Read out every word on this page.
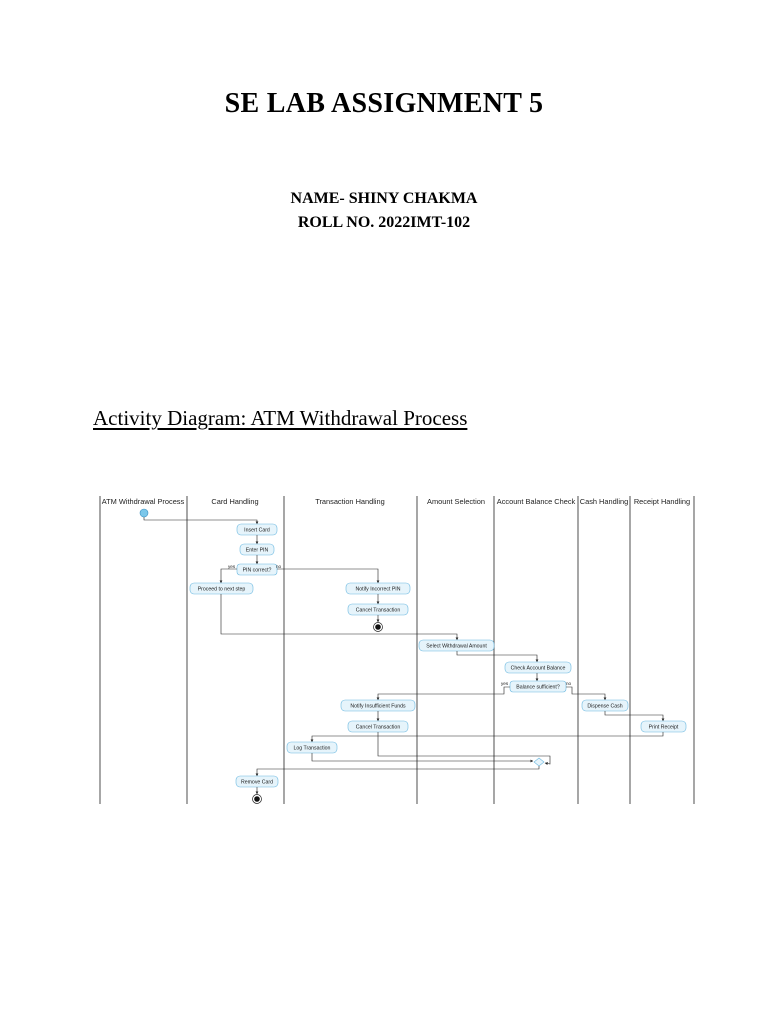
SE LAB ASSIGNMENT 5
NAME- SHINY CHAKMA
ROLL NO. 2022IMT-102
Activity Diagram: ATM Withdrawal Process
ATM Withdrawal Process	Card Handling	Transaction Handling	Amount Selection Account Balance Check Cash Handling Receipt Handling
Insert Card
Enter PIN
PIN correct?
yes	no
Proceed to next step	Notify Incorrect PIN
Cancel Transaction
Select Withdrawal Amount
Check Account Balance
Balance sufficient?
yes	no
Notify Insufficient Funds	Dispense Cash
Cancel Transaction	Print Receipt
Log Transaction
Remove Card
